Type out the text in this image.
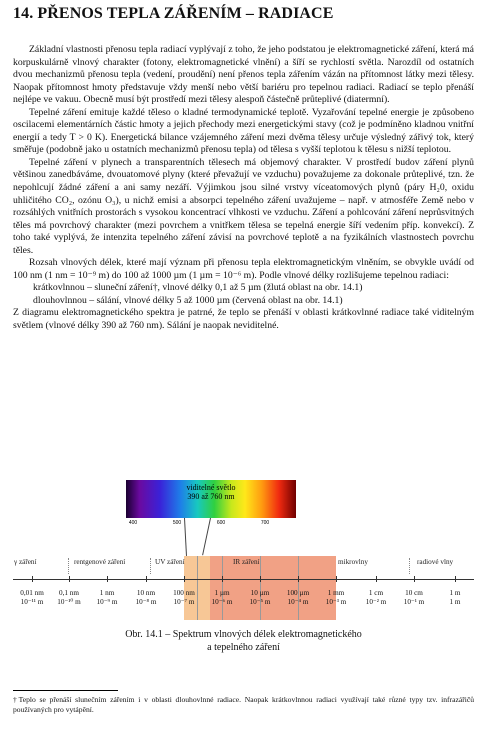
14. PŘENOS TEPLA ZÁŘENÍM – RADIACE

Základní vlastnosti přenosu tepla radiací vyplývají z toho, že jeho podstatou je elektromagnetické záření, která má korpuskulárně vlnový charakter (fotony, elektromagnetické vlnění) a šíří se rychlostí světla. Narozdíl od ostatních dvou mechanizmů přenosu tepla (vedení, proudění) není přenos tepla zářením vázán na přítomnost látky mezi tělesy. Naopak přítomnost hmoty představuje vždy menší nebo větší bariéru pro tepelnou radiaci. Radiací se teplo přenáší nejlépe ve vakuu. Obecně musí být prostředí mezi tělesy alespoň částečně průteplivé (diatermní).

Tepelné záření emituje každé těleso o kladné termodynamické teplotě. Vyzařování tepelné energie je způsobeno oscilacemi elementárních částic hmoty a jejich přechody mezi energetickými stavy (což je podmíněno kladnou vnitřní energií a tedy T > 0 K). Energetická bilance vzájemného záření mezi dvěma tělesy určuje výsledný zářivý tok, který směřuje (podobně jako u ostatních mechanizmů přenosu tepla) od tělesa s vyšší teplotou k tělesu s nižší teplotou.

Tepelné záření v plynech a transparentních tělesech má objemový charakter. V prostředí budov záření plynů většinou zanedbáváme, dvouatomové plyny (které převažují ve vzduchu) považujeme za dokonale průteplivé, tzn. že nepohlcují žádné záření a ani samy nezáří. Výjimkou jsou silné vrstvy víceatomových plynů (páry H₂0, oxidu uhličitého CO₂, ozónu O₃), u nichž emisi a absorpci tepelného záření uvažujeme – např. v atmosféře Země nebo v rozsáhlých vnitřních prostorách s vysokou koncentrací vlhkosti ve vzduchu. Záření a pohlcování záření neprůsvitných těles má povrchový charakter (mezi povrchem a vnitřkem tělesa se tepelná energie šíří vedením příp. konvekcí). Z toho také vyplývá, že intenzita tepelného záření závisí na povrchové teplotě a na fyzikálních vlastnostech povrchu těles.

Rozsah vlnových délek, které mají význam při přenosu tepla elektromagnetickým vlněním, se obvykle uvádí od 100 nm (1 nm = 10⁻⁹ m) do 100 až 1000 µm (1 µm = 10⁻⁶ m). Podle vlnové délky rozlišujeme tepelnou radiaci:

krátkovlnnou – sluneční záření†, vlnové délky 0,1 až 5 µm (žlutá oblast na obr. 14.1)

dlouhovlnnou – sálání, vlnové délky 5 až 1000 µm (červená oblast na obr. 14.1)

Z diagramu elektromagnetického spektra je patrné, že teplo se přenáší v oblasti krátkovlnné radiace také viditelným světlem (vlnové délky 390 až 760 nm). Sálání je naopak neviditelné.

viditelné světlo
390 až 760 nm
400	500	600	700
γ záření	rentgenové záření	UV záření	IR záření	mikrovlny	radiové vlny
0,01 nm
10⁻¹¹ m
0,1 nm
10⁻¹⁰ m
1 nm
10⁻⁹ m
10 nm
10⁻⁸ m
100 nm
10⁻⁷ m
1 µm
10⁻⁶ m
10 µm
10⁻⁵ m
100 µm
10⁻⁴ m
1 mm
10⁻³ m
1 cm
10⁻² m
10 cm
10⁻¹ m
1 m
1 m
Obr. 14.1 – Spektrum vlnových délek elektromagnetického
a tepelného záření
†Teplo se přenáší slunečním zářením i v oblasti dlouhovlnné radiace. Naopak krátkovlnnou radiaci využívají také různé typy tzv. infrazářičů používaných pro vytápění.
